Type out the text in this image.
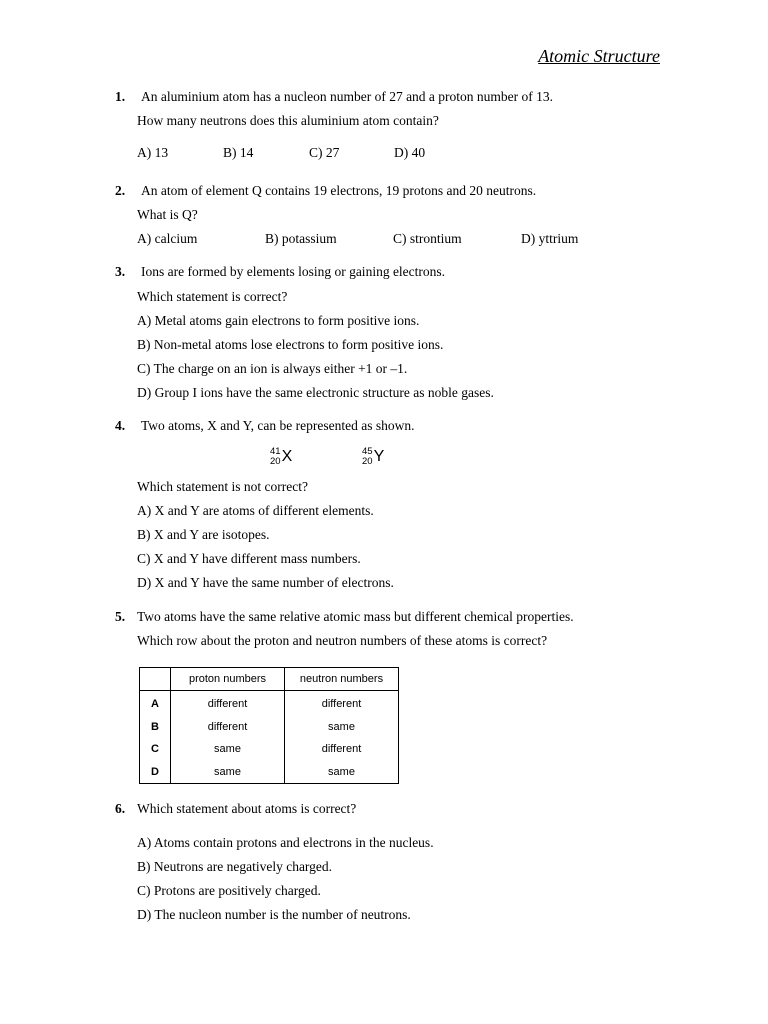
Atomic Structure
1. An aluminium atom has a nucleon number of 27 and a proton number of 13.
How many neutrons does this aluminium atom contain?
A) 13	B) 14	C) 27	D) 40
2. An atom of element Q contains 19 electrons, 19 protons and 20 neutrons.
What is Q?
A) calcium	B) potassium	C) strontium	D) yttrium
3. Ions are formed by elements losing or gaining electrons.
Which statement is correct?
A) Metal atoms gain electrons to form positive ions.
B) Non-metal atoms lose electrons to form positive ions.
C) The charge on an ion is always either +1 or –1.
D) Group I ions have the same electronic structure as noble gases.
4. Two atoms, X and Y, can be represented as shown.
41
20 X	45
20 Y
Which statement is not correct?
A) X and Y are atoms of different elements.
B) X and Y are isotopes.
C) X and Y have different mass numbers.
D) X and Y have the same number of electrons.
5. Two atoms have the same relative atomic mass but different chemical properties.
Which row about the proton and neutron numbers of these atoms is correct?
	proton numbers	neutron numbers
A	different	different
B	different	same
C	same	different
D	same	same
6. Which statement about atoms is correct?
A) Atoms contain protons and electrons in the nucleus.
B) Neutrons are negatively charged.
C) Protons are positively charged.
D) The nucleon number is the number of neutrons.
